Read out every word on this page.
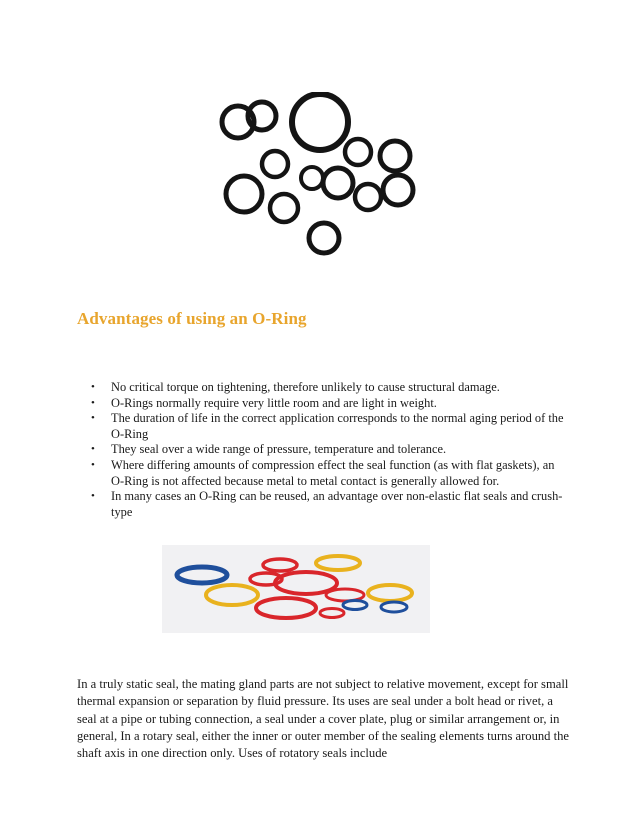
Advantages of using an O-Ring
• No critical torque on tightening, therefore unlikely to cause structural damage.
• O-Rings normally require very little room and are light in weight.
• The duration of life in the correct application corresponds to the normal aging period of the O-Ring
• They seal over a wide range of pressure, temperature and tolerance.
• Where differing amounts of compression effect the seal function (as with flat gaskets), an O-Ring is not affected because metal to metal contact is generally allowed for.
• In many cases an O-Ring can be reused, an advantage over non-elastic flat seals and crush-type

In a truly static seal, the mating gland parts are not subject to relative movement, except for small thermal expansion or separation by fluid pressure. Its uses are seal under a bolt head or rivet, a seal at a pipe or tubing connection, a seal under a cover plate, plug or similar arrangement or, in general, In a rotary seal, either the inner or outer member of the sealing elements turns around the shaft axis in one direction only. Uses of rotatory seals include
